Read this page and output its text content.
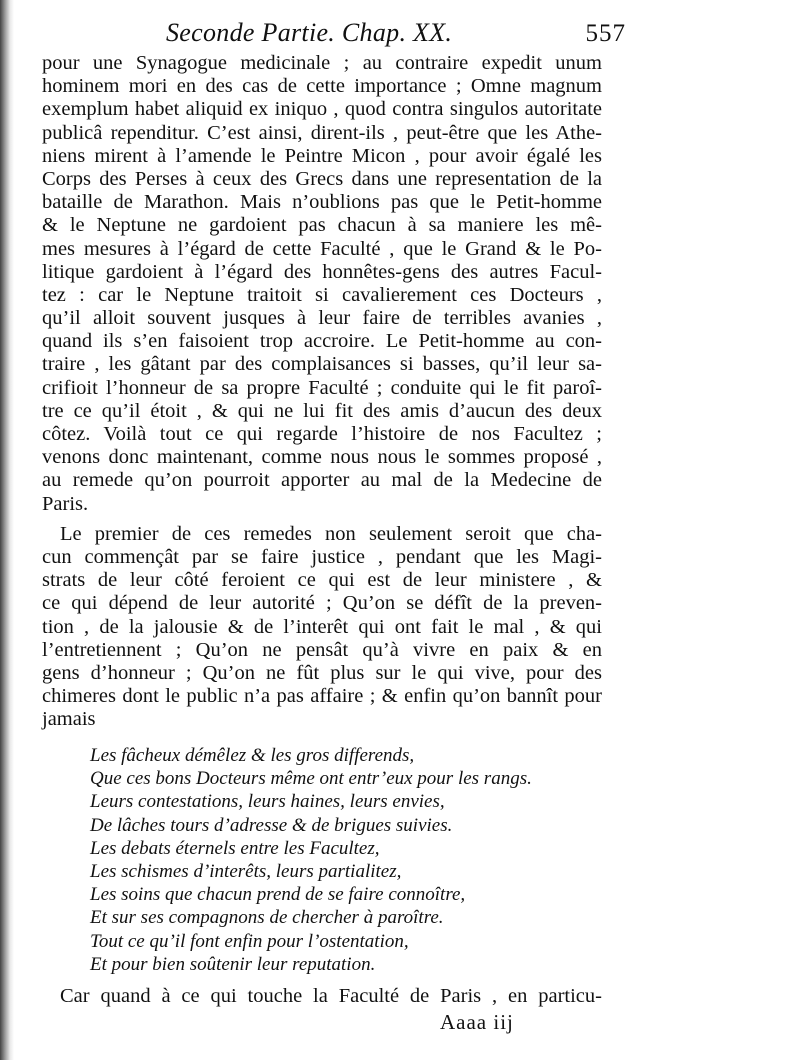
Seconde Partie. Chap. XX.	557
pour une Synagogue medicinale ; au contraire expedit unum
hominem mori en des cas de cette importance ; Omne magnum
exemplum habet aliquid ex iniquo , quod contra singulos autoritate
publicâ rependitur. C’est ainsi, dirent-ils , peut-être que les Athe-
niens mirent à l’amende le Peintre Micon , pour avoir égalé les
Corps des Perses à ceux des Grecs dans une representation de la
bataille de Marathon. Mais n’oublions pas que le Petit-homme
& le Neptune ne gardoient pas chacun à sa maniere les mê-
mes mesures à l’égard de cette Faculté , que le Grand & le Po-
litique gardoient à l’égard des honnêtes-gens des autres Facul-
tez : car le Neptune traitoit si cavalierement ces Docteurs ,
qu’il alloit souvent jusques à leur faire de terribles avanies ,
quand ils s’en faisoient trop accroire. Le Petit-homme au con-
traire , les gâtant par des complaisances si basses, qu’il leur sa-
crifioit l’honneur de sa propre Faculté ; conduite qui le fit paroî-
tre ce qu’il étoit , & qui ne lui fit des amis d’aucun des deux
côtez. Voilà tout ce qui regarde l’histoire de nos Facultez ;
venons donc maintenant, comme nous nous le sommes proposé ,
au remede qu’on pourroit apporter au mal de la Medecine de
Paris.
Le premier de ces remedes non seulement seroit que cha-
cun commençât par se faire justice , pendant que les Magi-
strats de leur côté feroient ce qui est de leur ministere , &
ce qui dépend de leur autorité ; Qu’on se défît de la preven-
tion , de la jalousie & de l’interêt qui ont fait le mal , & qui
l’entretiennent ; Qu’on ne pensât qu’à vivre en paix & en
gens d’honneur ; Qu’on ne fût plus sur le qui vive, pour des
chimeres dont le public n’a pas affaire ; & enfin qu’on bannît pour
jamais
Les fâcheux démêlez & les gros differends,
Que ces bons Docteurs même ont entr’eux pour les rangs.
Leurs contestations, leurs haines, leurs envies,
De lâches tours d’adresse & de brigues suivies.
Les debats éternels entre les Facultez,
Les schismes d’interêts, leurs partialitez,
Les soins que chacun prend de se faire connoître,
Et sur ses compagnons de chercher à paroître.
Tout ce qu’il font enfin pour l’ostentation,
Et pour bien soûtenir leur reputation.
Car quand à ce qui touche la Faculté de Paris , en particu-
Aaaa iij
